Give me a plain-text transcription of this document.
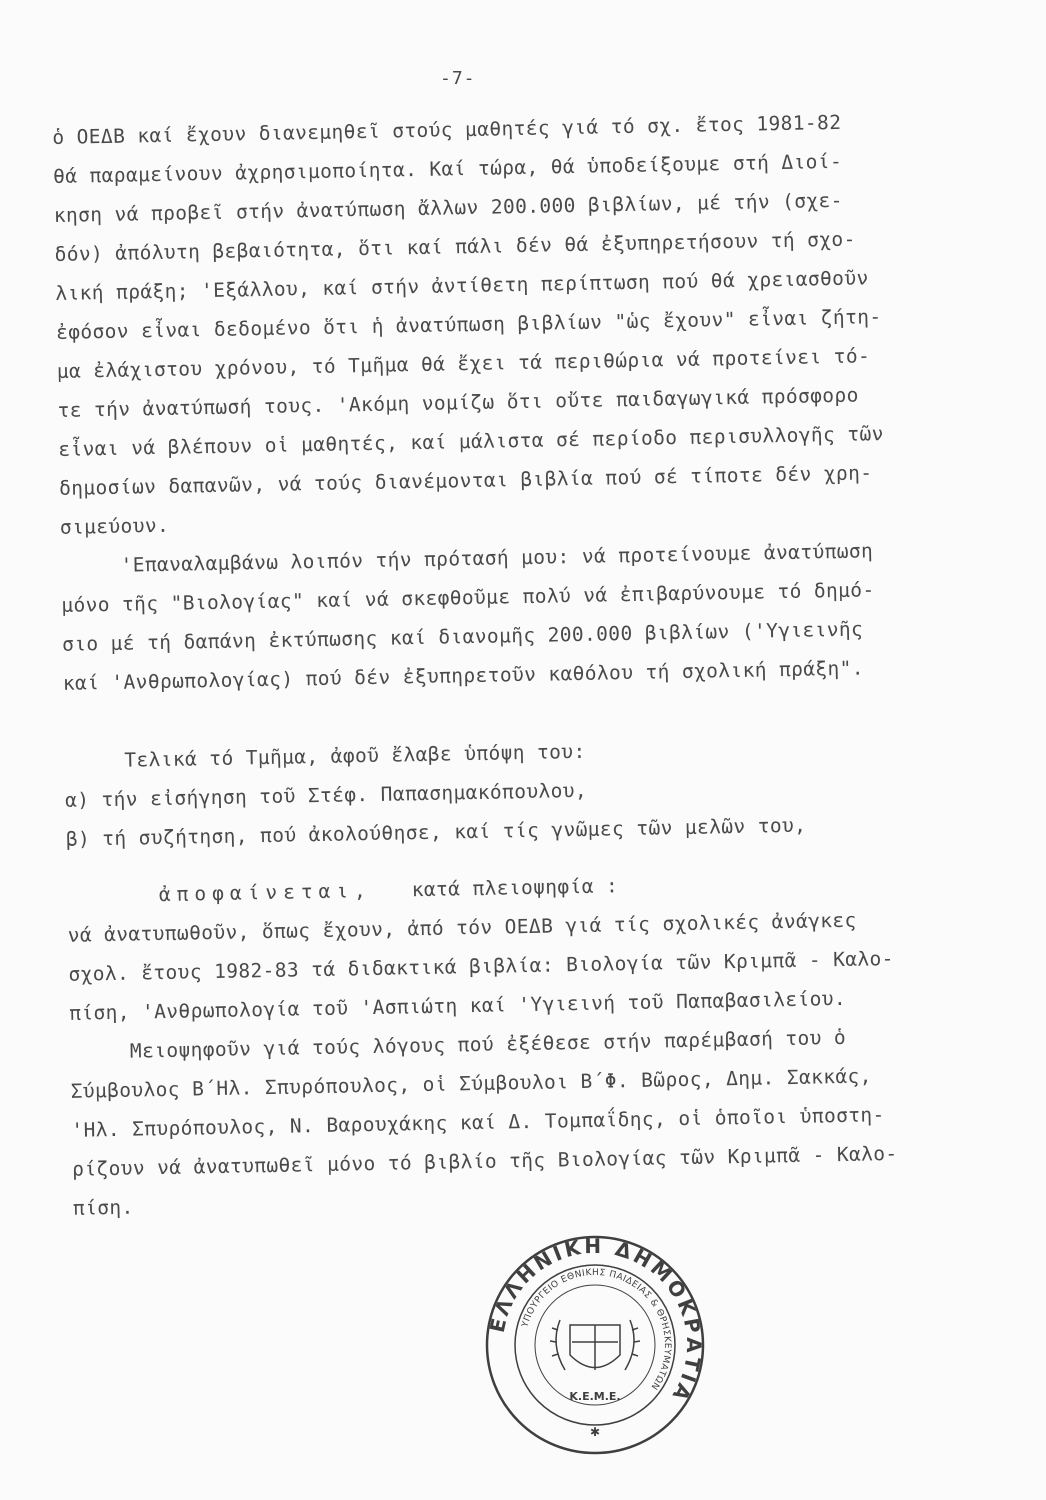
-7-
ὁ ΟΕΔΒ καί ἔχουν διανεμηθεῖ στούς μαθητές γιά τό σχ. ἔτος 1981-82
θά παραμείνουν ἀχρησιμοποίητα. Καί τώρα, θά ὑποδείξουμε στή Διοί-
κηση νά προβεῖ στήν ἀνατύπωση ἄλλων 200.000 βιβλίων, μέ τήν (σχε-
δόν) ἀπόλυτη βεβαιότητα, ὅτι καί πάλι δέν θά ἐξυπηρετήσουν τή σχο-
λική πράξη; 'Εξάλλου, καί στήν ἀντίθετη περίπτωση πού θά χρειασθοῦν
ἐφόσον εἶναι δεδομένο ὅτι ἡ ἀνατύπωση βιβλίων "ὡς ἔχουν" εἶναι ζήτη-
μα ἐλάχιστου χρόνου, τό Τμῆμα θά ἔχει τά περιθώρια νά προτείνει τό-
τε τήν ἀνατύπωσή τους. 'Ακόμη νομίζω ὅτι οὔτε παιδαγωγικά πρόσφορο
εἶναι νά βλέπουν οἱ μαθητές, καί μάλιστα σέ περίοδο περισυλλογῆς τῶν
δημοσίων δαπανῶν, νά τούς διανέμονται βιβλία πού σέ τίποτε δέν χρη-
σιμεύουν.
'Επαναλαμβάνω λοιπόν τήν πρότασή μου: νά προτείνουμε ἀνατύπωση
μόνο τῆς "Βιολογίας" καί νά σκεφθοῦμε πολύ νά ἐπιβαρύνουμε τό δημό-
σιο μέ τή δαπάνη ἐκτύπωσης καί διανομῆς 200.000 βιβλίων ('Υγιεινῆς
καί 'Ανθρωπολογίας) πού δέν ἐξυπηρετοῦν καθόλου τή σχολική πράξη".
Τελικά τό Τμῆμα, ἀφοῦ ἔλαβε ὑπόψη του:
α) τήν εἰσήγηση τοῦ Στέφ. Παπασημακόπουλου,
β) τή συζήτηση, πού ἀκολούθησε, καί τίς γνῶμες τῶν μελῶν του,
ἀποφαίνεται, κατά πλειοψηφία :
νά ἀνατυπωθοῦν, ὅπως ἔχουν, ἀπό τόν ΟΕΔΒ γιά τίς σχολικές ἀνάγκες
σχολ. ἔτους 1982-83 τά διδακτικά βιβλία: Βιολογία τῶν Κριμπᾶ - Καλο-
πίση, 'Ανθρωπολογία τοῦ 'Ασπιώτη καί 'Υγιεινή τοῦ Παπαβασιλείου.
Μειοψηφοῦν γιά τούς λόγους πού ἐξέθεσε στήν παρέμβασή του ὁ
Σύμβουλος Β΄Ηλ. Σπυρόπουλος, οἱ Σύμβουλοι Β΄Φ. Βῶρος, Δημ. Σακκάς,
'Ηλ. Σπυρόπουλος, Ν. Βαρουχάκης καί Δ. Τομπαΐδης, οἱ ὁποῖοι ὑποστη-
ρίζουν νά ἀνατυπωθεῖ μόνο τό βιβλίο τῆς Βιολογίας τῶν Κριμπᾶ - Καλο-
πίση.
ΕΛΛΗΝΙΚΗ ΔΗΜΟΚΡΑΤΙΑ
ΥΠΟΥΡΓΕΙΟ ΕΘΝΙΚΗΣ ΠΑΙΔΕΙΑΣ & ΘΡΗΣΚΕΥΜΑΤΩΝ
Κ.Ε.Μ.Ε.
✱
